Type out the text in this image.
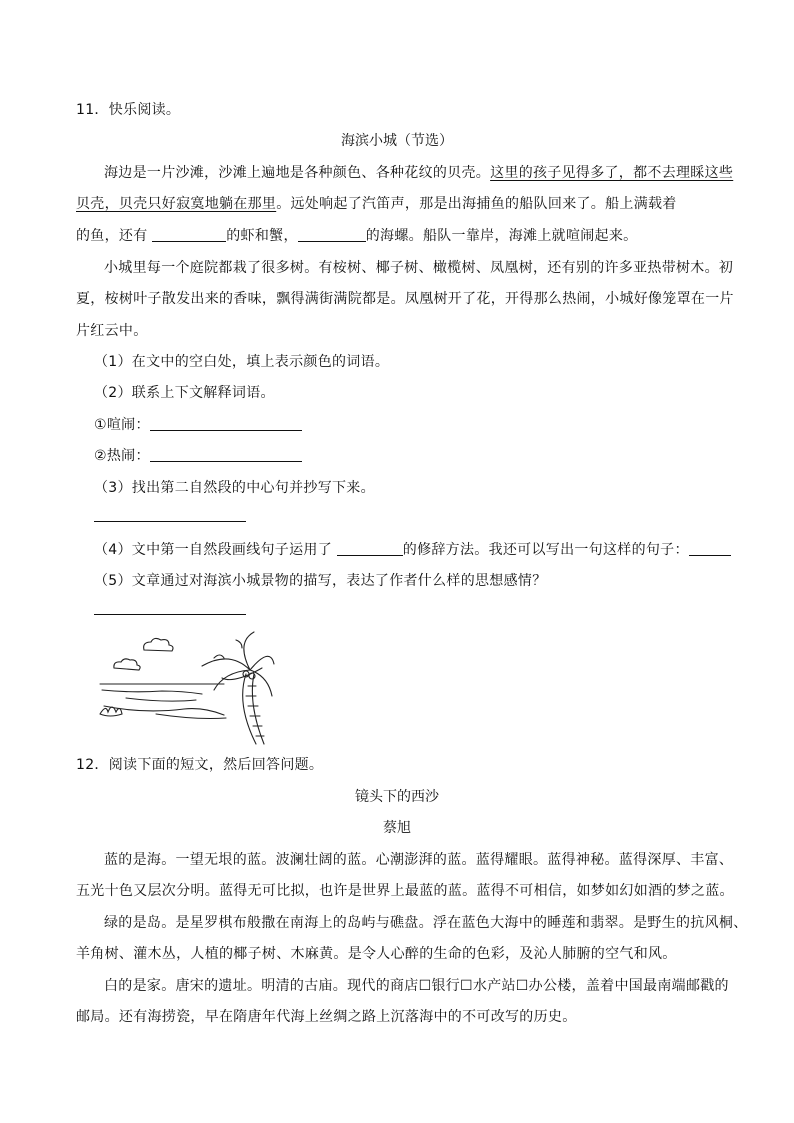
11．快乐阅读。
海滨小城（节选）
海边是一片沙滩，沙滩上遍地是各种颜色、各种花纹的贝壳。这里的孩子见得多了，都不去理睬这些
贝壳，贝壳只好寂寞地躺在那里。远处响起了汽笛声，那是出海捕鱼的船队回来了。船上满载着
的鱼，还有	的虾和蟹，	的海螺。船队一靠岸，海滩上就喧闹起来。
小城里每一个庭院都栽了很多树。有桉树、椰子树、橄榄树、凤凰树，还有别的许多亚热带树木。初
夏，桉树叶子散发出来的香味，飘得满街满院都是。凤凰树开了花，开得那么热闹，小城好像笼罩在一片
片红云中。
（1）在文中的空白处，填上表示颜色的词语。
（2）联系上下文解释词语。
①喧闹：
②热闹：
（3）找出第二自然段的中心句并抄写下来。
（4）文中第一自然段画线句子运用了	的修辞方法。我还可以写出一句这样的句子：
（5）文章通过对海滨小城景物的描写，表达了作者什么样的思想感情？
12．阅读下面的短文，然后回答问题。
镜头下的西沙
蔡旭
蓝的是海。一望无垠的蓝。波澜壮阔的蓝。心潮澎湃的蓝。蓝得耀眼。蓝得神秘。蓝得深厚、丰富、
五光十色又层次分明。蓝得无可比拟，也许是世界上最蓝的蓝。蓝得不可相信，如梦如幻如酒的梦之蓝。
绿的是岛。是星罗棋布般撒在南海上的岛屿与礁盘。浮在蓝色大海中的睡莲和翡翠。是野生的抗风桐、
羊角树、灌木丛，人植的椰子树、木麻黄。是令人心醉的生命的色彩，及沁人肺腑的空气和风。
白的是家。唐宋的遗址。明清的古庙。现代的商店☐银行☐水产站☐办公楼，盖着中国最南端邮戳的
邮局。还有海捞瓷，早在隋唐年代海上丝绸之路上沉落海中的不可改写的历史。
